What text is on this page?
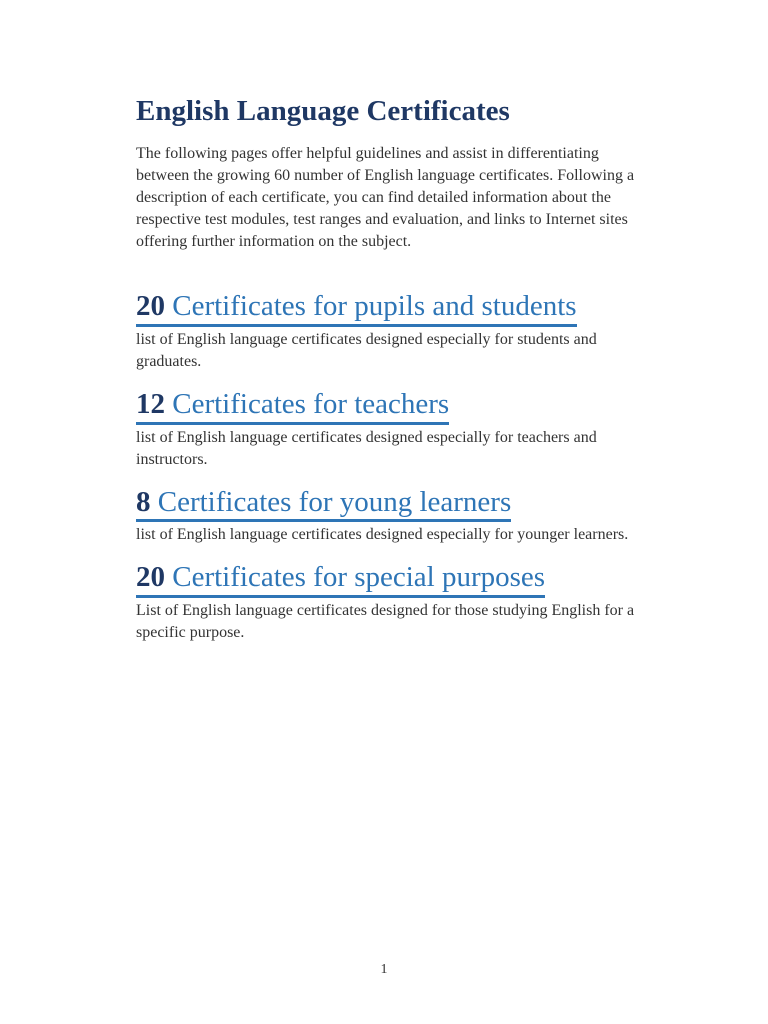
English Language Certificates

The following pages offer helpful guidelines and assist in differentiating between the growing 60 number of English language certificates. Following a description of each certificate, you can find detailed information about the respective test modules, test ranges and evaluation, and links to Internet sites offering further information on the subject.

20 Certificates for pupils and students

list of English language certificates designed especially for students and graduates.

12 Certificates for teachers

list of English language certificates designed especially for teachers and instructors.

8 Certificates for young learners

list of English language certificates designed especially for younger learners.

20 Certificates for special purposes

List of English language certificates designed for those studying English for a specific purpose.

1
